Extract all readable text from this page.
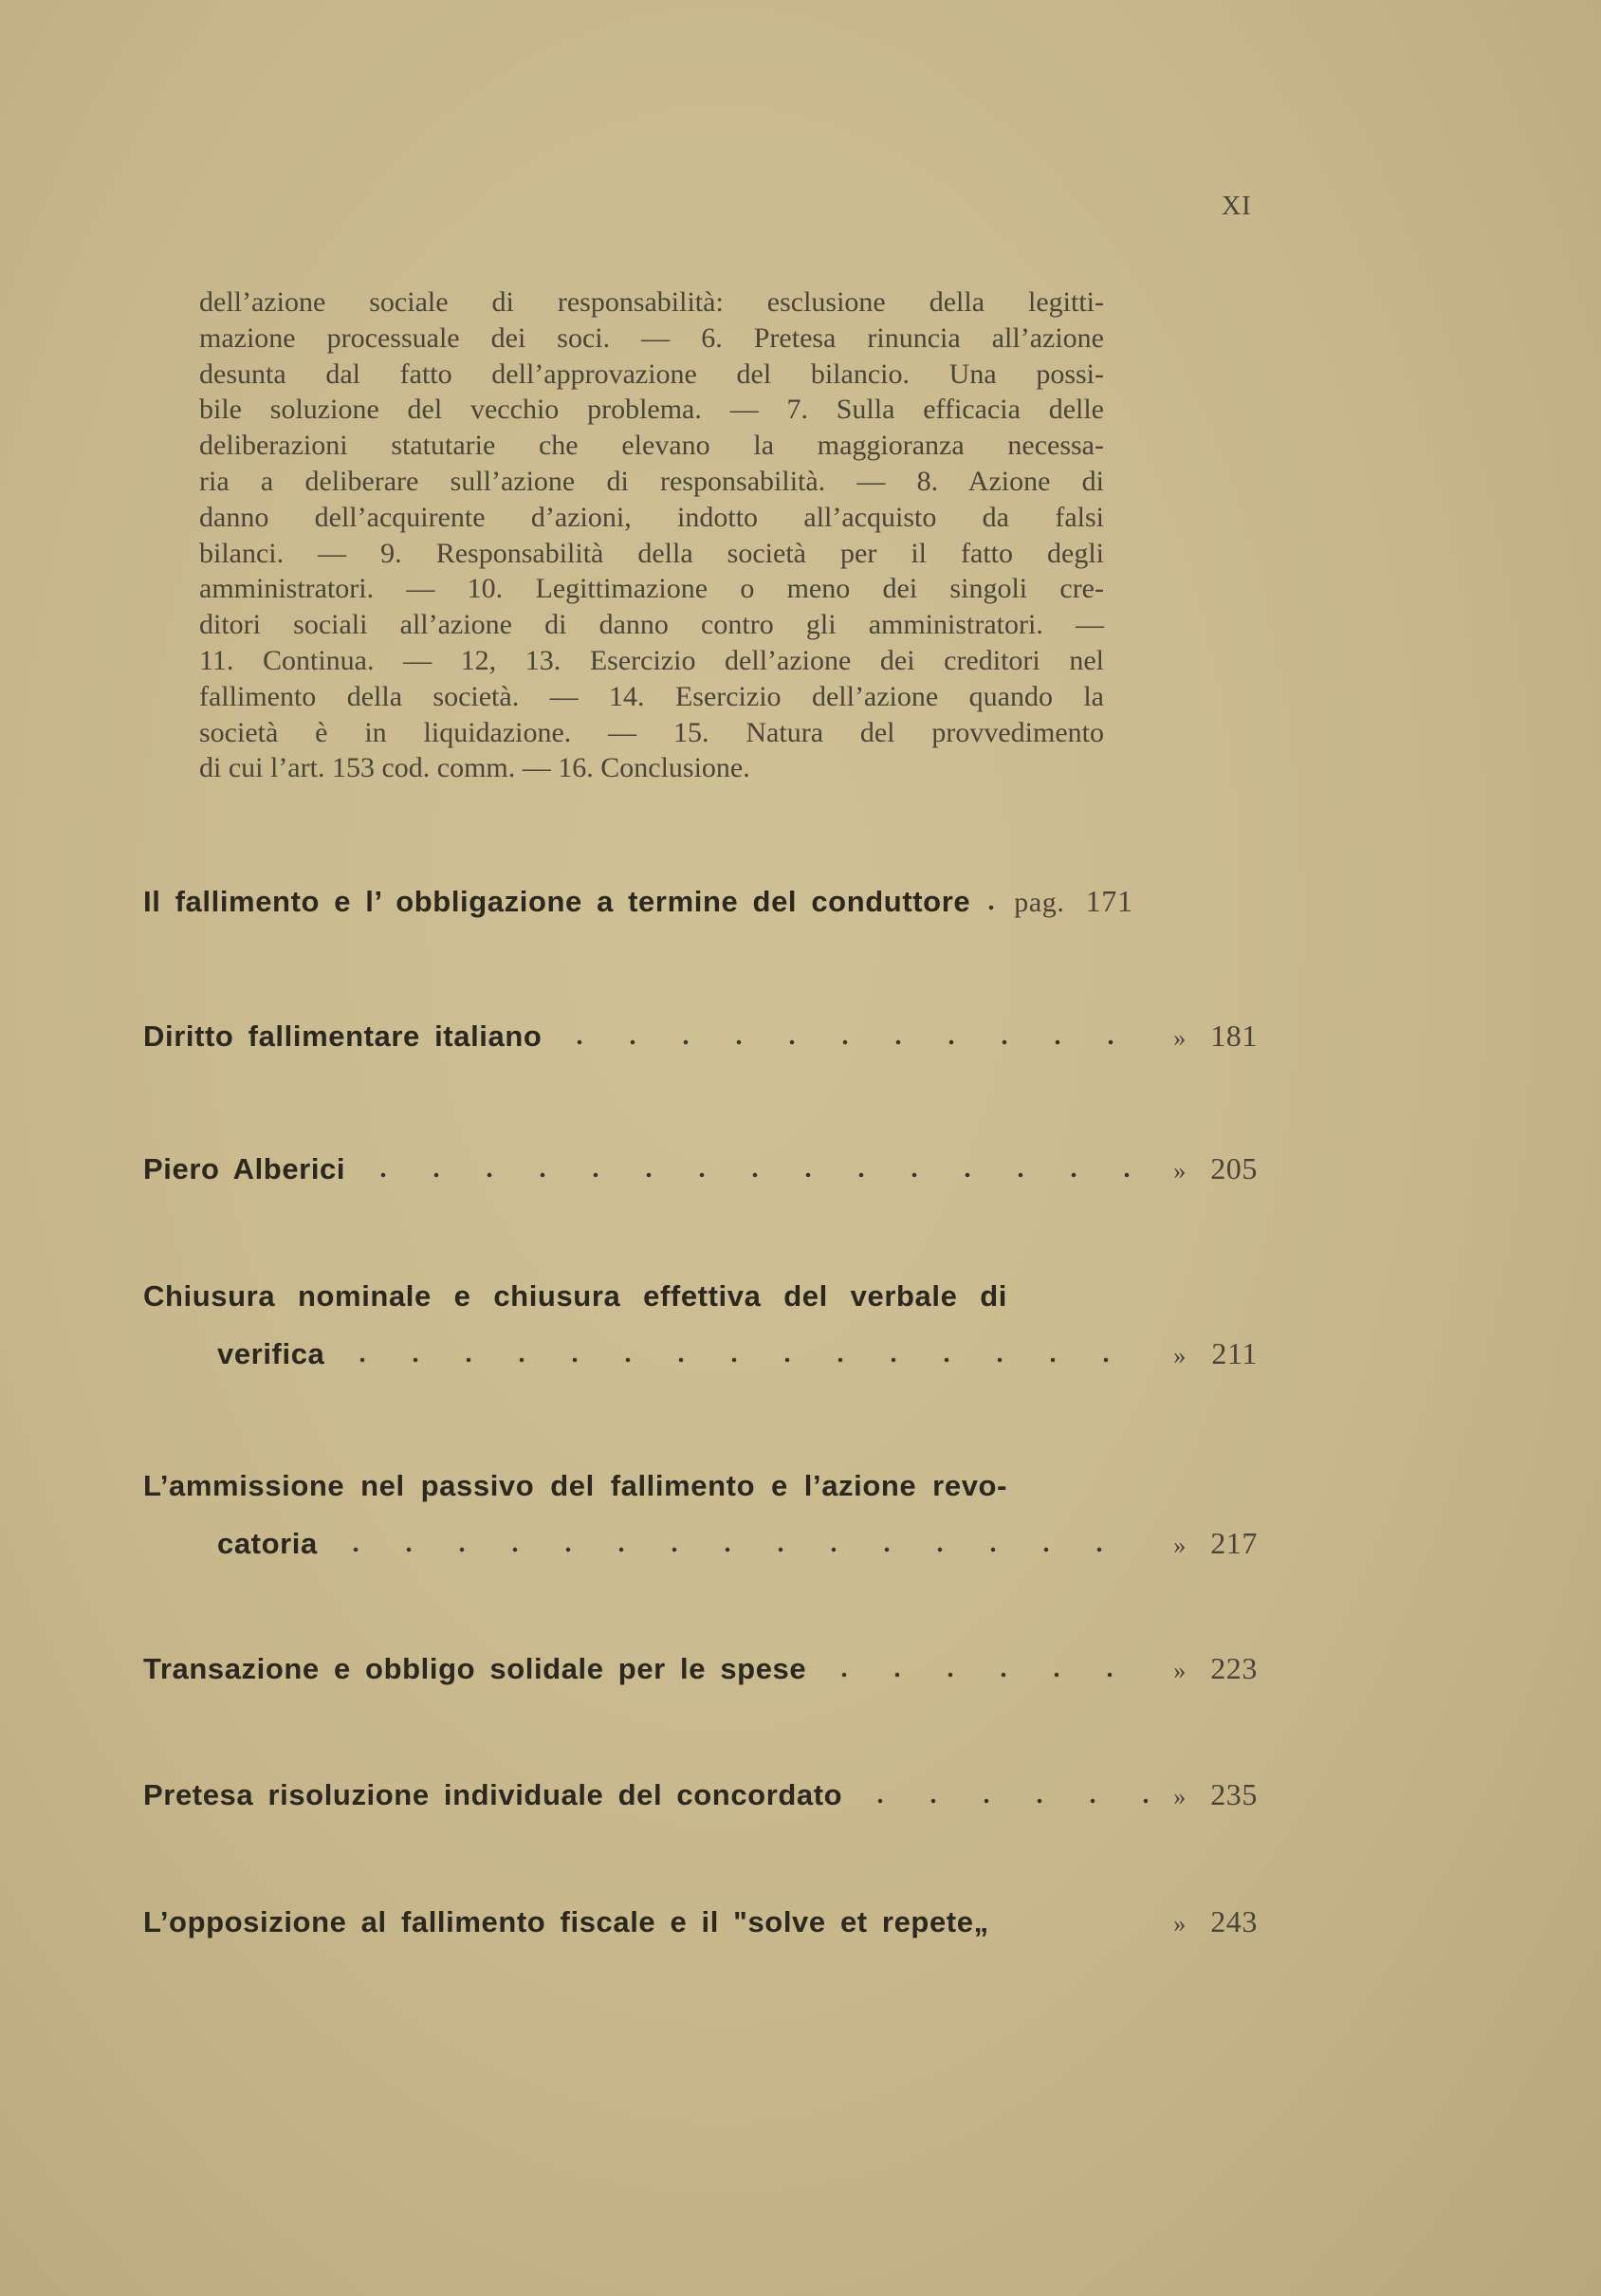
XI
dell’azione sociale di responsabilità: esclusione della legitti-
mazione processuale dei soci. — 6. Pretesa rinuncia all’azione
desunta dal fatto dell’approvazione del bilancio. Una possi-
bile soluzione del vecchio problema. — 7. Sulla efficacia delle
deliberazioni statutarie che elevano la maggioranza necessa-
ria a deliberare sull’azione di responsabilità. — 8. Azione di
danno dell’acquirente d’azioni, indotto all’acquisto da falsi
bilanci. — 9. Responsabilità della società per il fatto degli
amministratori. — 10. Legittimazione o meno dei singoli cre-
ditori sociali all’azione di danno contro gli amministratori. —
11. Continua. — 12, 13. Esercizio dell’azione dei creditori nel
fallimento della società. — 14. Esercizio dell’azione quando la
società è in liquidazione. — 15. Natura del provvedimento
di cui l’art. 153 cod. comm. — 16. Conclusione.
Il fallimento e l’ obbligazione a termine del conduttore pag. 171
Diritto fallimentare italiano	» 181
Piero Alberici	» 205
Chiusura nominale e chiusura effettiva del verbale di
verifica	» 211
L’ammissione nel passivo del fallimento e l’azione revo-
catoria	» 217
Transazione e obbligo solidale per le spese	» 223
Pretesa risoluzione individuale del concordato	» 235
L’opposizione al fallimento fiscale e il "solve et repete„	» 243
